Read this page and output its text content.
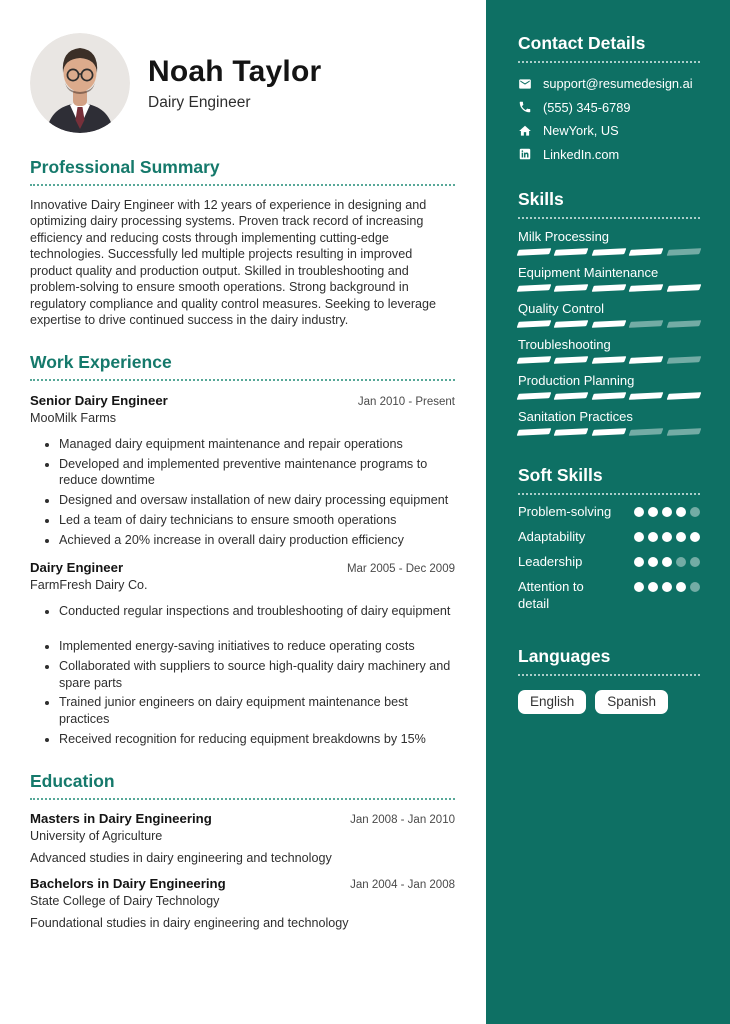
Noah Taylor
Dairy Engineer
Professional Summary

Innovative Dairy Engineer with 12 years of experience in designing and optimizing dairy processing systems. Proven track record of increasing efficiency and reducing costs through implementing cutting-edge technologies. Successfully led multiple projects resulting in improved product quality and production output. Skilled in troubleshooting and problem-solving to ensure smooth operations. Strong background in regulatory compliance and quality control measures. Seeking to leverage expertise to drive continued success in the dairy industry.

Work Experience
Senior Dairy Engineer	Jan 2010 - Present
MooMilk Farms
• Managed dairy equipment maintenance and repair operations
• Developed and implemented preventive maintenance programs to reduce downtime
• Designed and oversaw installation of new dairy processing equipment
• Led a team of dairy technicians to ensure smooth operations
• Achieved a 20% increase in overall dairy production efficiency
Dairy Engineer	Mar 2005 - Dec 2009
FarmFresh Dairy Co.
• Conducted regular inspections and troubleshooting of dairy equipment
• Implemented energy-saving initiatives to reduce operating costs
• Collaborated with suppliers to source high-quality dairy machinery and spare parts
• Trained junior engineers on dairy equipment maintenance best practices
• Received recognition for reducing equipment breakdowns by 15%
Education
Masters in Dairy Engineering	Jan 2008 - Jan 2010
University of Agriculture
Advanced studies in dairy engineering and technology
Bachelors in Dairy Engineering	Jan 2004 - Jan 2008
State College of Dairy Technology
Foundational studies in dairy engineering and technology
Contact Details
support@resumedesign.ai
(555) 345-6789
NewYork, US
LinkedIn.com
Skills
Milk Processing
Equipment Maintenance
Quality Control
Troubleshooting
Production Planning
Sanitation Practices
Soft Skills
Problem-solving
Adaptability
Leadership
Attention to detail
Languages
English	Spanish
